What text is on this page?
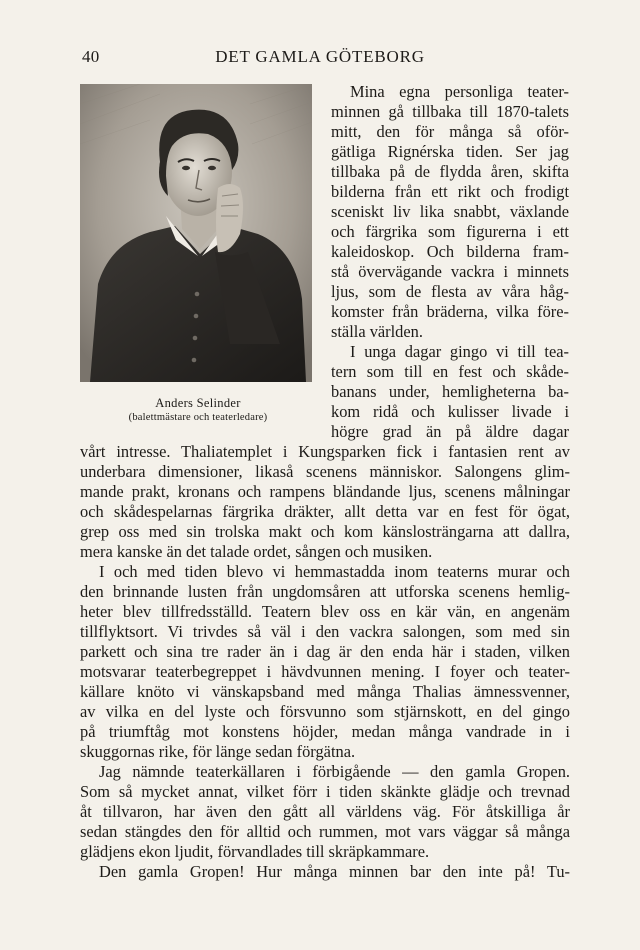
40	DET GAMLA GÖTEBORG
Anders Selinder
(balettmästare och teaterledare)
Mina egna personliga teater-
minnen gå tillbaka till 1870-talets
mitt, den för många så oför-
gätliga Rignérska tiden. Ser jag
tillbaka på de flydda åren, skifta
bilderna från ett rikt och frodigt
sceniskt liv lika snabbt, växlande
och färgrika som figurerna i ett
kaleidoskop. Och bilderna fram-
stå övervägande vackra i minnets
ljus, som de flesta av våra håg-
komster från bräderna, vilka före-
ställa världen.
I unga dagar gingo vi till tea-
tern som till en fest och skåde-
banans under, hemligheterna ba-
kom ridå och kulisser livade i
högre grad än på äldre dagar
vårt intresse. Thaliatemplet i Kungsparken fick i fantasien rent av
underbara dimensioner, likaså scenens människor. Salongens glim-
mande prakt, kronans och rampens bländande ljus, scenens målningar
och skådespelarnas färgrika dräkter, allt detta var en fest för ögat,
grep oss med sin trolska makt och kom känslosträngarna att dallra,
mera kanske än det talade ordet, sången och musiken.
I och med tiden blevo vi hemmastadda inom teaterns murar och
den brinnande lusten från ungdomsåren att utforska scenens hemlig-
heter blev tillfredsställd. Teatern blev oss en kär vän, en angenäm
tillflyktsort. Vi trivdes så väl i den vackra salongen, som med sin
parkett och sina tre rader än i dag är den enda här i staden, vilken
motsvarar teaterbegreppet i hävdvunnen mening. I foyer och teater-
källare knöto vi vänskapsband med många Thalias ämnessvenner,
av vilka en del lyste och försvunno som stjärnskott, en del gingo
på triumftåg mot konstens höjder, medan många vandrade in i
skuggornas rike, för länge sedan förgätna.
Jag nämnde teaterkällaren i förbigående — den gamla Gropen.
Som så mycket annat, vilket förr i tiden skänkte glädje och trevnad
åt tillvaron, har även den gått all världens väg. För åtskilliga år
sedan stängdes den för alltid och rummen, mot vars väggar så många
glädjens ekon ljudit, förvandlades till skräpkammare.
Den gamla Gropen! Hur många minnen bar den inte på! Tu-
